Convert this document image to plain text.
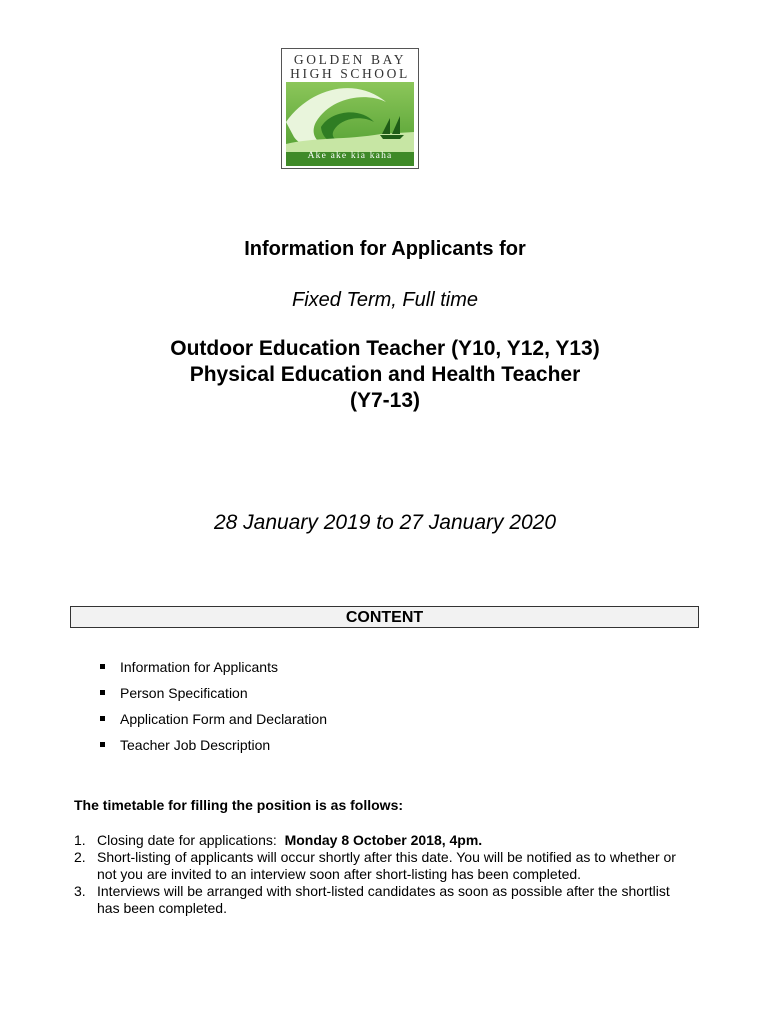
GOLDEN BAY
HIGH SCHOOL
Ake ake kia kaha
Information for Applicants for
Fixed Term, Full time
Outdoor Education Teacher (Y10, Y12, Y13)
Physical Education and Health Teacher
(Y7-13)
28 January 2019 to 27 January 2020
CONTENT
Information for Applicants
Person Specification
Application Form and Declaration
Teacher Job Description
The timetable for filling the position is as follows:
1. Closing date for applications:  Monday 8 October 2018, 4pm.
2. Short-listing of applicants will occur shortly after this date. You will be notified as to whether or not you are invited to an interview soon after short-listing has been completed.
3. Interviews will be arranged with short-listed candidates as soon as possible after the shortlist has been completed.
